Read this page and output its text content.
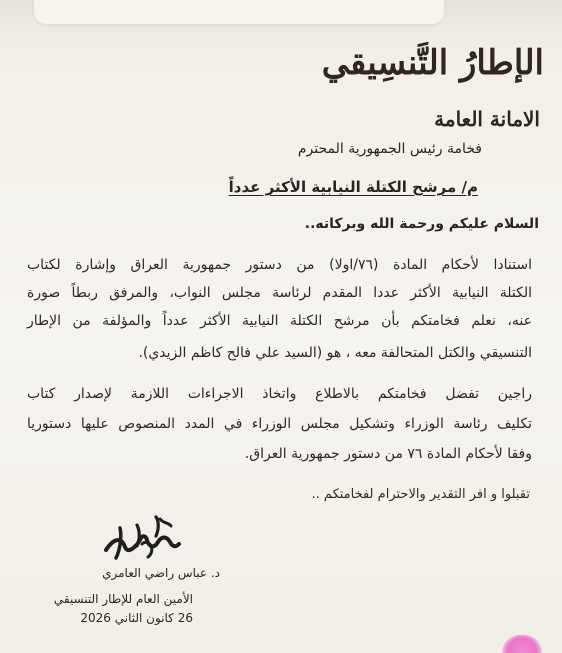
الإطارُ التَّنسِيقي
الامانة العامة
فخامة رئيس الجمهورية المحترم
م/ مرشح الكتلة النيابية الأكثر عدداً
السلام عليكم ورحمة الله وبركاته..
استنادا لأحكام المادة (٧٦/اولا) من دستور جمهورية العراق وإشارة لكتاب
الكتلة النيابية الأكثر عددا المقدم لرئاسة مجلس النواب، والمرفق ربطاً صورة
عنه، نعلم فخامتكم بأن مرشح الكتلة النيابية الأكثر عدداً والمؤلفة من الإطار
التنسيقي والكتل المتحالفة معه ، هو (السيد علي فالح كاظم الزيدي).
راجين تفضل فخامتكم بالاطلاع واتخاذ الاجراءات اللازمة لإصدار كتاب
تكليف رئاسة الوزراء وتشكيل مجلس الوزراء في المدد المنصوص عليها دستوريا
وفقا لأحكام المادة ٧٦ من دستور جمهورية العراق.
تقبلوا و افر التقدير والاحترام لفخامتكم ..
د. عباس راضي العامري
الأمين العام للإطار التنسيقي
26 كانون الثاني 2026
